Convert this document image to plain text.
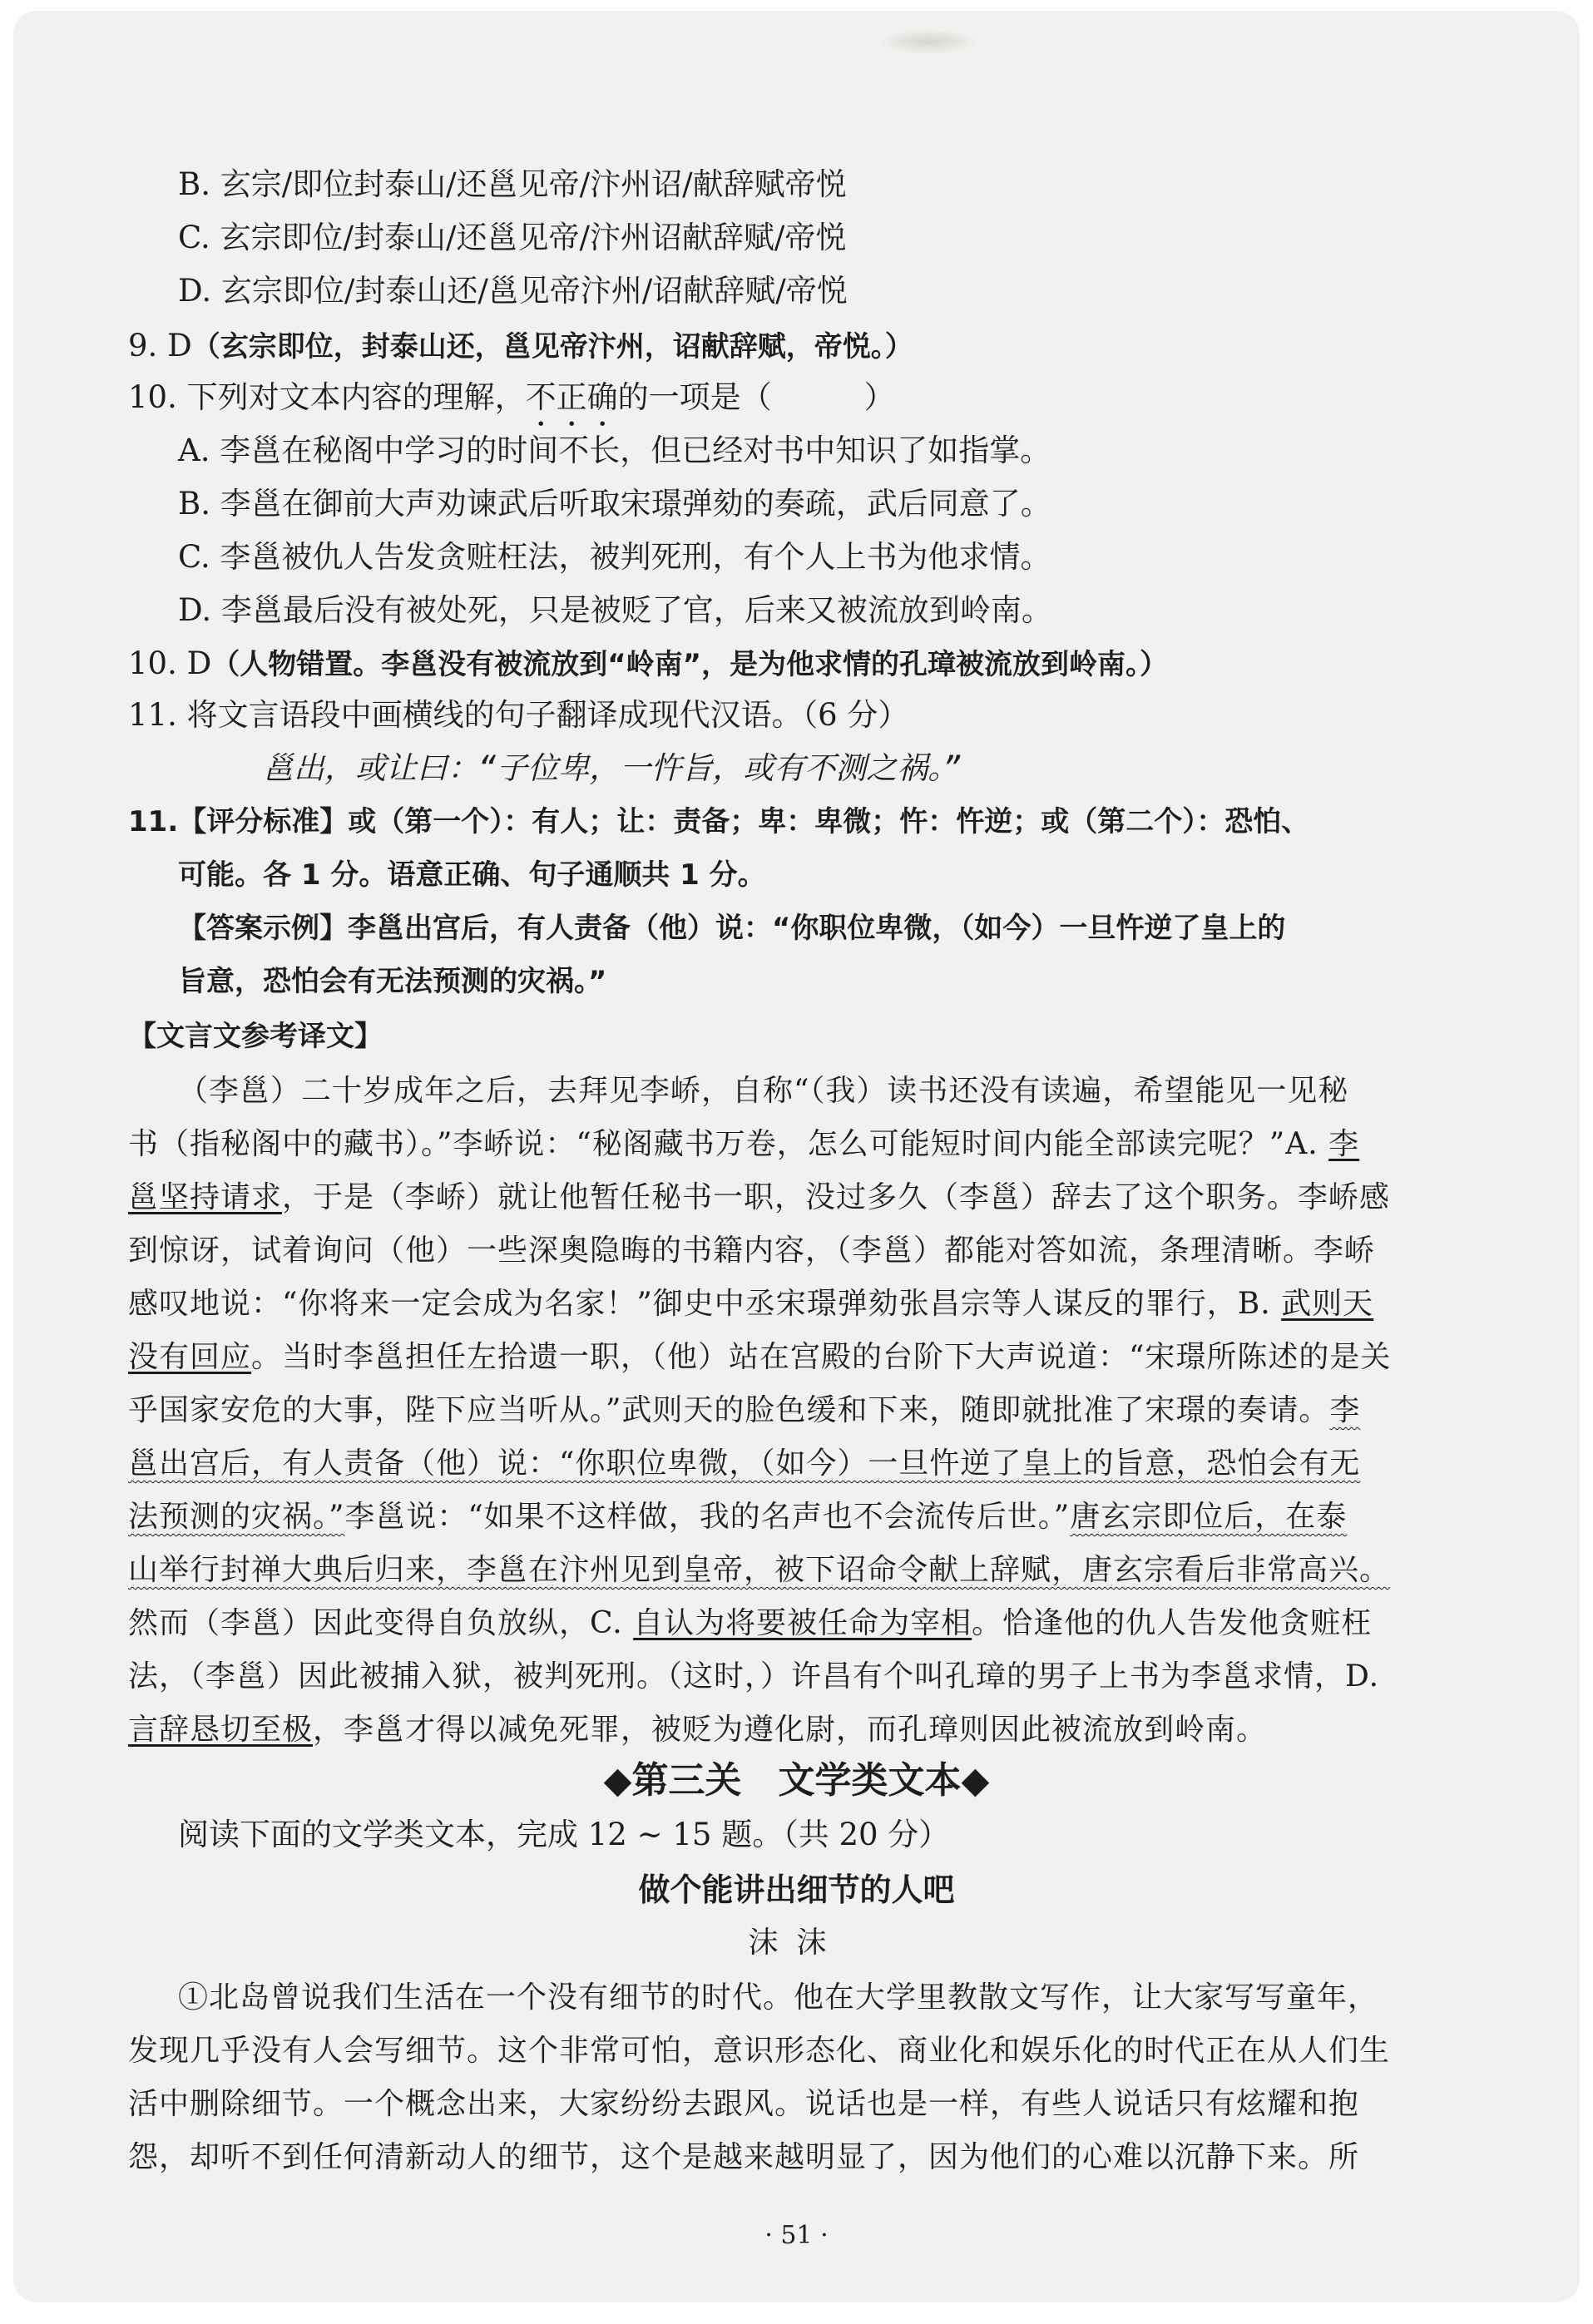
B. 玄宗/即位封泰山/还邕见帝/汴州诏/献辞赋帝悦
C. 玄宗即位/封泰山/还邕见帝/汴州诏献辞赋/帝悦
D. 玄宗即位/封泰山还/邕见帝汴州/诏献辞赋/帝悦
9. D（玄宗即位，封泰山还，邕见帝汴州，诏献辞赋，帝悦。）
10. 下列对文本内容的理解，不正确的一项是（　　　）
A. 李邕在秘阁中学习的时间不长，但已经对书中知识了如指掌。
B. 李邕在御前大声劝谏武后听取宋璟弹劾的奏疏，武后同意了。
C. 李邕被仇人告发贪赃枉法，被判死刑，有个人上书为他求情。
D. 李邕最后没有被处死，只是被贬了官，后来又被流放到岭南。
10. D（人物错置。李邕没有被流放到“岭南”，是为他求情的孔璋被流放到岭南。）
11. 将文言语段中画横线的句子翻译成现代汉语。（6 分）
邕出，或让曰：“子位卑，一忤旨，或有不测之祸。”
11.【评分标准】或（第一个）：有人；让：责备；卑：卑微；忤：忤逆；或（第二个）：恐怕、
可能。各 1 分。语意正确、句子通顺共 1 分。
【答案示例】李邕出宫后，有人责备（他）说：“你职位卑微，（如今）一旦忤逆了皇上的
旨意，恐怕会有无法预测的灾祸。”
【文言文参考译文】
（李邕）二十岁成年之后，去拜见李峤，自称“（我）读书还没有读遍，希望能见一见秘
书（指秘阁中的藏书）。”李峤说：“秘阁藏书万卷，怎么可能短时间内能全部读完呢？”A. 李
邕坚持请求，于是（李峤）就让他暂任秘书一职，没过多久（李邕）辞去了这个职务。李峤感
到惊讶，试着询问（他）一些深奥隐晦的书籍内容，（李邕）都能对答如流，条理清晰。李峤
感叹地说：“你将来一定会成为名家！”御史中丞宋璟弹劾张昌宗等人谋反的罪行，B. 武则天
没有回应。当时李邕担任左拾遗一职，（他）站在宫殿的台阶下大声说道：“宋璟所陈述的是关
乎国家安危的大事，陛下应当听从。”武则天的脸色缓和下来，随即就批准了宋璟的奏请。李
邕出宫后，有人责备（他）说：“你职位卑微，（如今）一旦忤逆了皇上的旨意，恐怕会有无
法预测的灾祸。”李邕说：“如果不这样做，我的名声也不会流传后世。”唐玄宗即位后，在泰
山举行封禅大典后归来，李邕在汴州见到皇帝，被下诏命令献上辞赋，唐玄宗看后非常高兴。
然而（李邕）因此变得自负放纵，C. 自认为将要被任命为宰相。恰逢他的仇人告发他贪赃枉
法，（李邕）因此被捕入狱，被判死刑。（这时，）许昌有个叫孔璋的男子上书为李邕求情，D.
言辞恳切至极，李邕才得以减免死罪，被贬为遵化尉，而孔璋则因此被流放到岭南。
◆第三关　文学类文本◆
阅读下面的文学类文本，完成 12 ~ 15 题。（共 20 分）
做个能讲出细节的人吧
沫沫
①北岛曾说我们生活在一个没有细节的时代。他在大学里教散文写作，让大家写写童年，
发现几乎没有人会写细节。这个非常可怕，意识形态化、商业化和娱乐化的时代正在从人们生
活中删除细节。一个概念出来，大家纷纷去跟风。说话也是一样，有些人说话只有炫耀和抱
怨，却听不到任何清新动人的细节，这个是越来越明显了，因为他们的心难以沉静下来。所
· 51 ·
